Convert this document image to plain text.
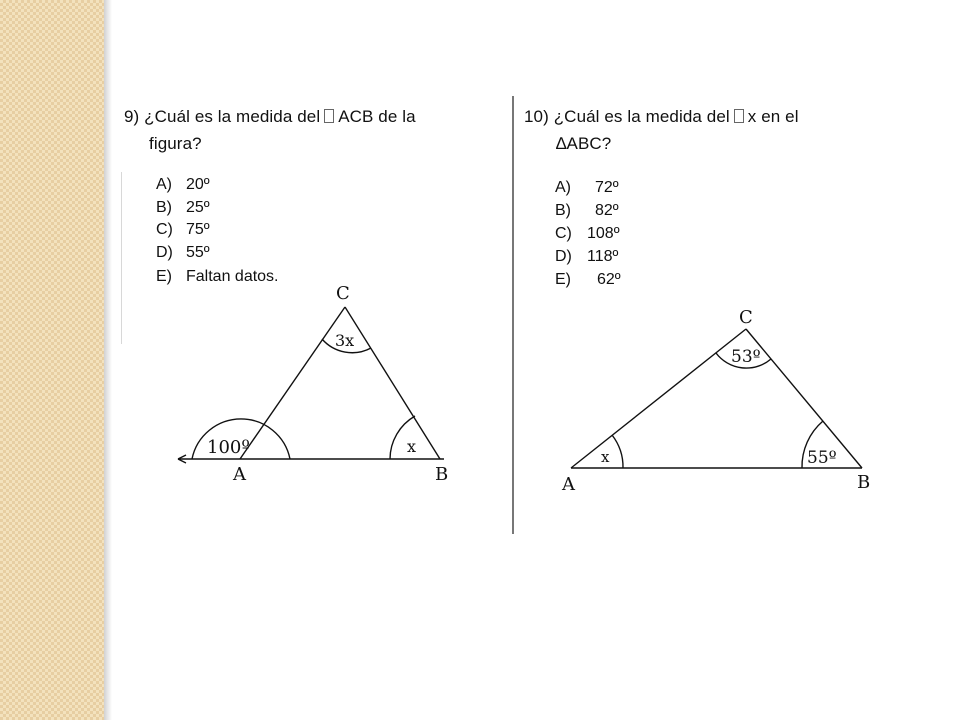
9) ¿Cuál es la medida del ACB de la
figura?
A) 20º
B) 25º
C) 75º
D) 55º
E) Faltan datos.
10) ¿Cuál es la medida del x en el
∆ABC?
A) 72º
B) 82º
C) 108º
D) 118º
E) 62º
C
A	B
3x
100º	x
C
A	B
53º
55º
x
